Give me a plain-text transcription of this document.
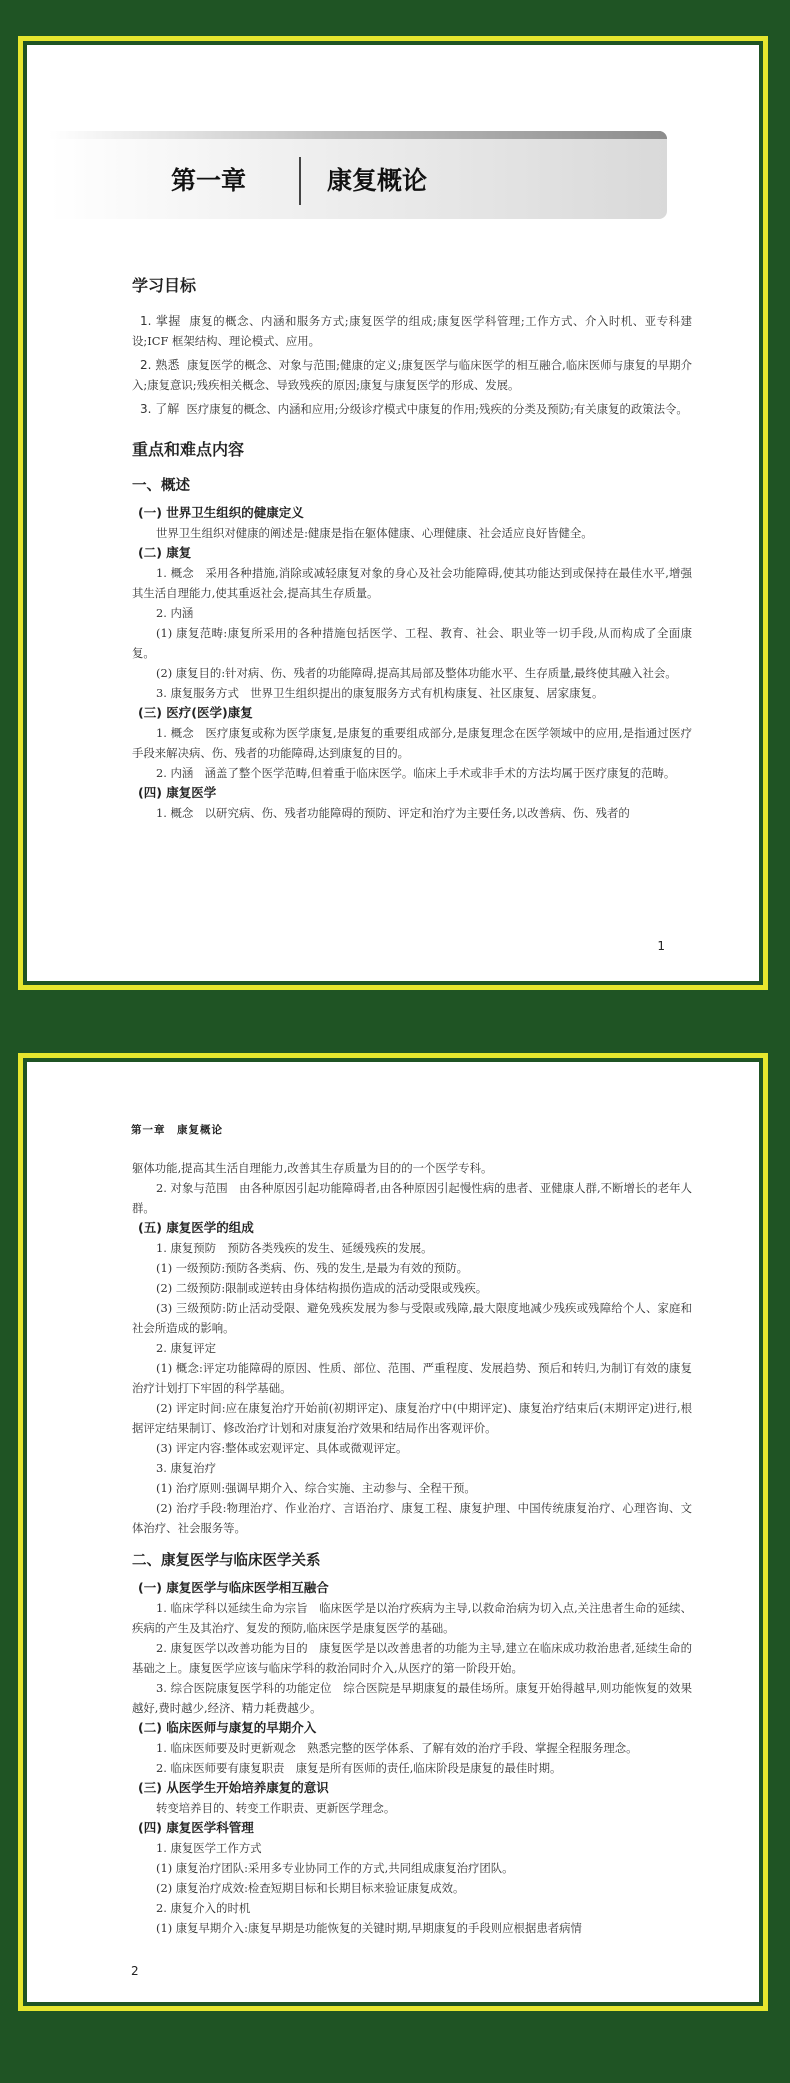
第一章	康复概论
学习目标
1. 掌握 康复的概念、内涵和服务方式;康复医学的组成;康复医学科管理;工作方式、介入时机、亚专科建设;ICF 框架结构、理论模式、应用。
2. 熟悉 康复医学的概念、对象与范围;健康的定义;康复医学与临床医学的相互融合,临床医师与康复的早期介入;康复意识;残疾相关概念、导致残疾的原因;康复与康复医学的形成、发展。
3. 了解 医疗康复的概念、内涵和应用;分级诊疗模式中康复的作用;残疾的分类及预防;有关康复的政策法令。
重点和难点内容
一、概述
(一) 世界卫生组织的健康定义
世界卫生组织对健康的阐述是:健康是指在躯体健康、心理健康、社会适应良好皆健全。
(二) 康复
1. 概念　采用各种措施,消除或减轻康复对象的身心及社会功能障碍,使其功能达到或保持在最佳水平,增强其生活自理能力,使其重返社会,提高其生存质量。
2. 内涵
(1) 康复范畴:康复所采用的各种措施包括医学、工程、教育、社会、职业等一切手段,从而构成了全面康复。
(2) 康复目的:针对病、伤、残者的功能障碍,提高其局部及整体功能水平、生存质量,最终使其融入社会。
3. 康复服务方式　世界卫生组织提出的康复服务方式有机构康复、社区康复、居家康复。
(三) 医疗(医学)康复
1. 概念　医疗康复或称为医学康复,是康复的重要组成部分,是康复理念在医学领域中的应用,是指通过医疗手段来解决病、伤、残者的功能障碍,达到康复的目的。
2. 内涵　涵盖了整个医学范畴,但着重于临床医学。临床上手术或非手术的方法均属于医疗康复的范畴。
(四) 康复医学
1. 概念　以研究病、伤、残者功能障碍的预防、评定和治疗为主要任务,以改善病、伤、残者的
1
第一章　康复概论
躯体功能,提高其生活自理能力,改善其生存质量为目的的一个医学专科。
2. 对象与范围　由各种原因引起功能障碍者,由各种原因引起慢性病的患者、亚健康人群,不断增长的老年人群。
(五) 康复医学的组成
1. 康复预防　预防各类残疾的发生、延缓残疾的发展。
(1) 一级预防:预防各类病、伤、残的发生,是最为有效的预防。
(2) 二级预防:限制或逆转由身体结构损伤造成的活动受限或残疾。
(3) 三级预防:防止活动受限、避免残疾发展为参与受限或残障,最大限度地减少残疾或残障给个人、家庭和社会所造成的影响。
2. 康复评定
(1) 概念:评定功能障碍的原因、性质、部位、范围、严重程度、发展趋势、预后和转归,为制订有效的康复治疗计划打下牢固的科学基础。
(2) 评定时间:应在康复治疗开始前(初期评定)、康复治疗中(中期评定)、康复治疗结束后(末期评定)进行,根据评定结果制订、修改治疗计划和对康复治疗效果和结局作出客观评价。
(3) 评定内容:整体或宏观评定、具体或微观评定。
3. 康复治疗
(1) 治疗原则:强调早期介入、综合实施、主动参与、全程干预。
(2) 治疗手段:物理治疗、作业治疗、言语治疗、康复工程、康复护理、中国传统康复治疗、心理咨询、文体治疗、社会服务等。
二、康复医学与临床医学关系
(一) 康复医学与临床医学相互融合
1. 临床学科以延续生命为宗旨　临床医学是以治疗疾病为主导,以救命治病为切入点,关注患者生命的延续、疾病的产生及其治疗、复发的预防,临床医学是康复医学的基础。
2. 康复医学以改善功能为目的　康复医学是以改善患者的功能为主导,建立在临床成功救治患者,延续生命的基础之上。康复医学应该与临床学科的救治同时介入,从医疗的第一阶段开始。
3. 综合医院康复医学科的功能定位　综合医院是早期康复的最佳场所。康复开始得越早,则功能恢复的效果越好,费时越少,经济、精力耗费越少。
(二) 临床医师与康复的早期介入
1. 临床医师要及时更新观念　熟悉完整的医学体系、了解有效的治疗手段、掌握全程服务理念。
2. 临床医师要有康复职责　康复是所有医师的责任,临床阶段是康复的最佳时期。
(三) 从医学生开始培养康复的意识
转变培养目的、转变工作职责、更新医学理念。
(四) 康复医学科管理
1. 康复医学工作方式
(1) 康复治疗团队:采用多专业协同工作的方式,共同组成康复治疗团队。
(2) 康复治疗成效:检查短期目标和长期目标来验证康复成效。
2. 康复介入的时机
(1) 康复早期介入:康复早期是功能恢复的关键时期,早期康复的手段则应根据患者病情
2
